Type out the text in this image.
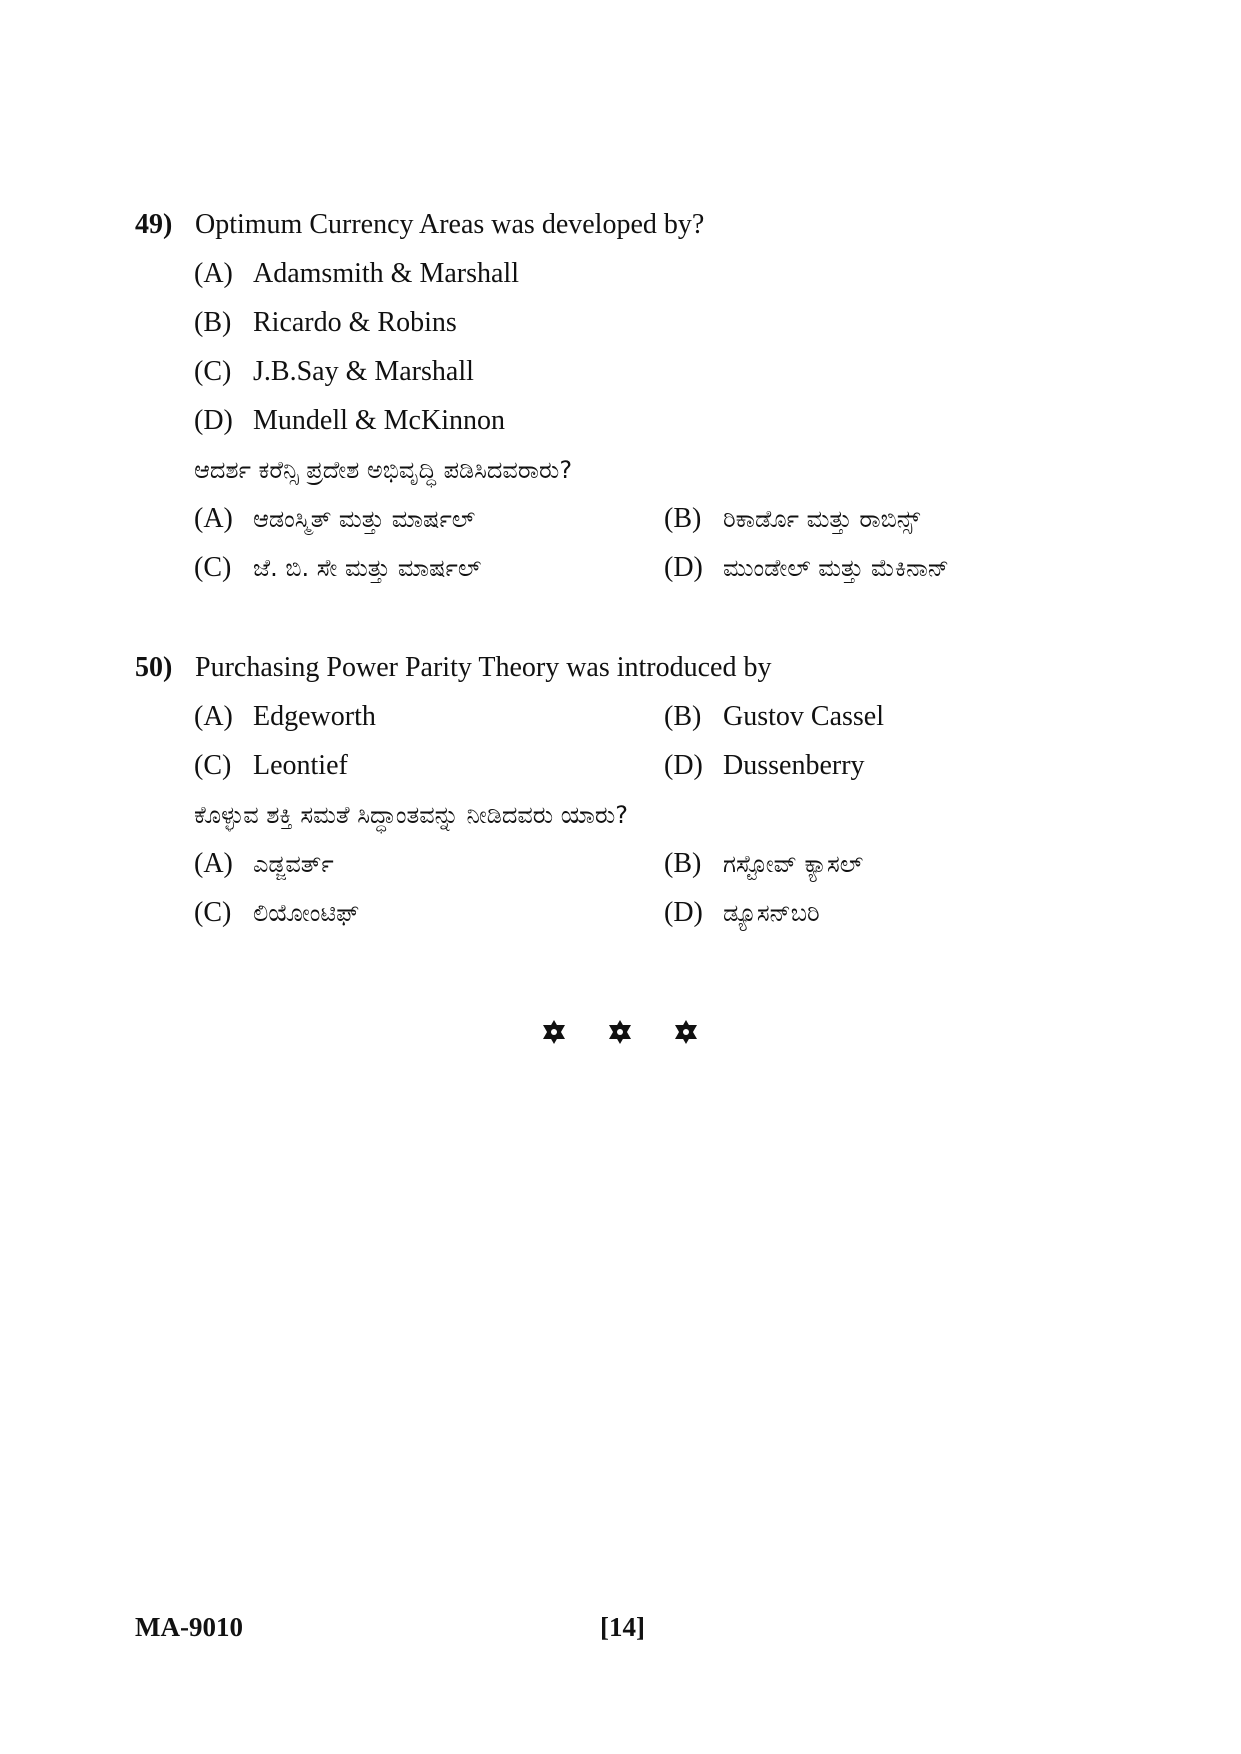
49) Optimum Currency Areas was developed by?
(A) Adamsmith & Marshall
(B) Ricardo & Robins
(C) J.B.Say & Marshall
(D) Mundell & McKinnon
ಆದರ್ಶ ಕರೆನ್ಸಿ ಪ್ರದೇಶ ಅಭಿವೃದ್ಧಿ ಪಡಿಸಿದವರಾರು?
(A) ಆಡಂಸ್ಮಿತ್ ಮತ್ತು ಮಾರ್ಷಲ್	(B) ರಿಕಾರ್ಡೊ ಮತ್ತು ರಾಬಿನ್ಸ್
(C) ಜೆ. ಬಿ. ಸೇ ಮತ್ತು ಮಾರ್ಷಲ್	(D) ಮುಂಡೇಲ್ ಮತ್ತು ಮೆಕಿನಾನ್
50) Purchasing Power Parity Theory was introduced by
(A) Edgeworth	(B) Gustov Cassel
(C) Leontief	(D) Dussenberry
ಕೊಳ್ಳುವ ಶಕ್ತಿ ಸಮತೆ ಸಿದ್ಧಾಂತವನ್ನು ನೀಡಿದವರು ಯಾರು?
(A) ಎಡ್ಜವರ್ತ್	(B) ಗಸ್ಟೋವ್ ಕ್ಯಾಸಲ್
(C) ಲಿಯೋಂಟಿಫ್	(D) ಡ್ಯೂಸನ್‌ಬರಿ
MA-9010	[14]
